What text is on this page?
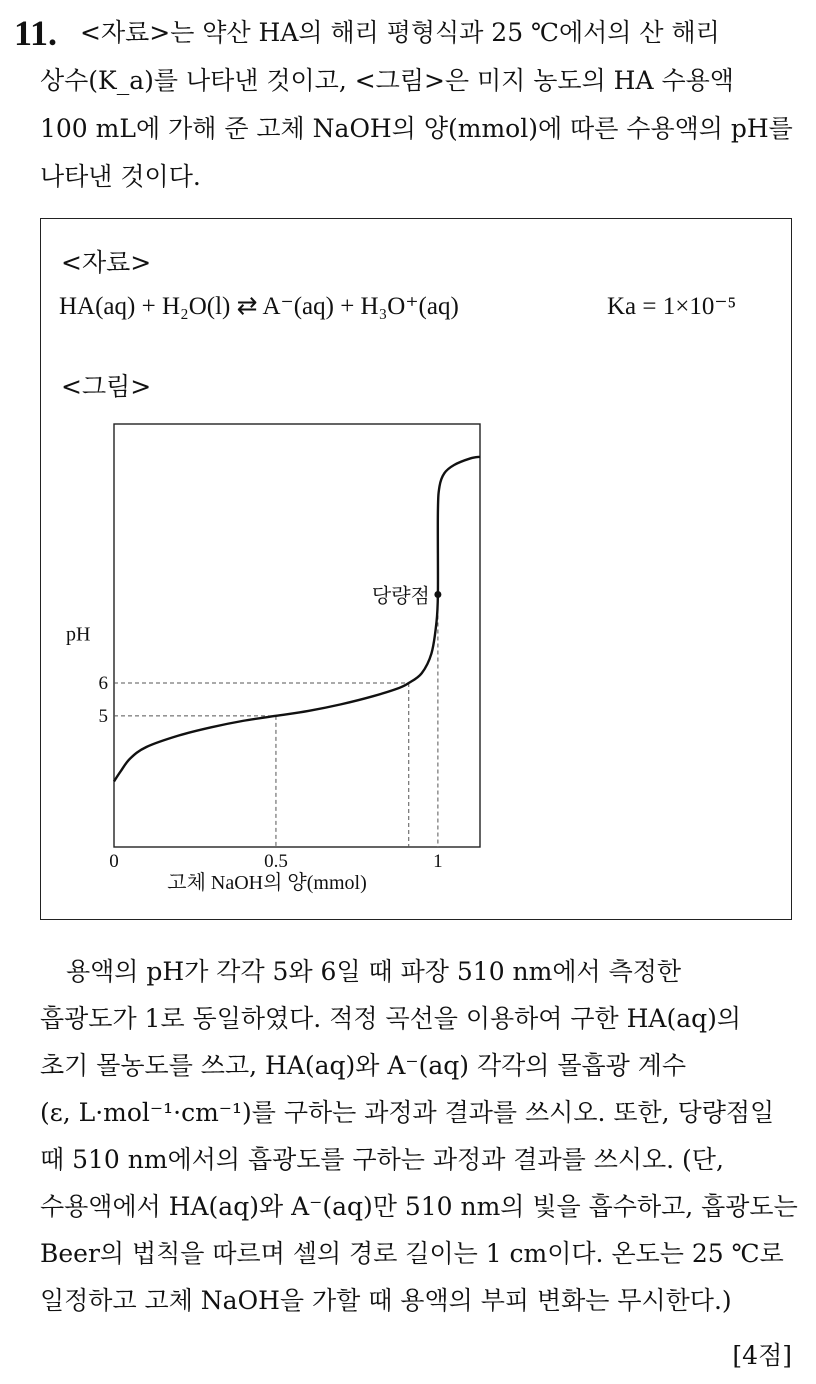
11. <자료>는 약산 HA의 해리 평형식과 25 ℃에서의 산 해리
상수(K_a)를 나타낸 것이고, <그림>은 미지 농도의 HA 수용액
100 mL에 가해 준 고체 NaOH의 양(mmol)에 따른 수용액의 pH를
나타낸 것이다.
<자료>
HA(aq) + H₂O(l) ⇄ A⁻(aq) + H₃O⁺(aq)	Ka = 1×10⁻⁵
<그림>
당량점
5
6
pH
0	0.5	1
고체 NaOH의 양(mmol)
용액의 pH가 각각 5와 6일 때 파장 510 nm에서 측정한
흡광도가 1로 동일하였다. 적정 곡선을 이용하여 구한 HA(aq)의
초기 몰농도를 쓰고, HA(aq)와 A⁻(aq) 각각의 몰흡광 계수
(ε, L·mol⁻¹·cm⁻¹)를 구하는 과정과 결과를 쓰시오. 또한, 당량점일
때 510 nm에서의 흡광도를 구하는 과정과 결과를 쓰시오. (단,
수용액에서 HA(aq)와 A⁻(aq)만 510 nm의 빛을 흡수하고, 흡광도는
Beer의 법칙을 따르며 셀의 경로 길이는 1 cm이다. 온도는 25 ℃로
일정하고 고체 NaOH을 가할 때 용액의 부피 변화는 무시한다.)
[4점]
